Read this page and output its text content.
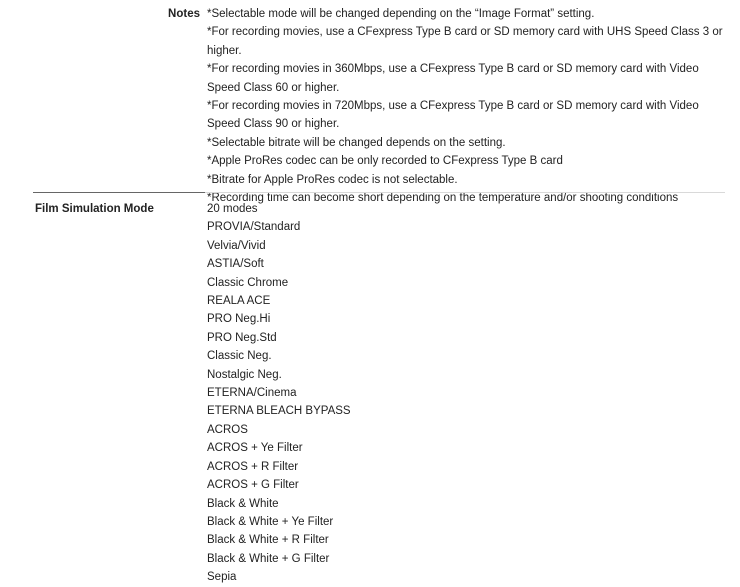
Notes *Selectable mode will be changed depending on the “Image Format” setting.
*For recording movies, use a CFexpress Type B card or SD memory card with UHS Speed Class 3 or higher.
*For recording movies in 360Mbps, use a CFexpress Type B card or SD memory card with Video Speed Class 60 or higher.
*For recording movies in 720Mbps, use a CFexpress Type B card or SD memory card with Video Speed Class 90 or higher.
*Selectable bitrate will be changed depends on the setting.
*Apple ProRes codec can be only recorded to CFexpress Type B card
*Bitrate for Apple ProRes codec is not selectable.
*Recording time can become short depending on the temperature and/or shooting conditions
Film Simulation Mode	20 modes
PROVIA/Standard
Velvia/Vivid
ASTIA/Soft
Classic Chrome
REALA ACE
PRO Neg.Hi
PRO Neg.Std
Classic Neg.
Nostalgic Neg.
ETERNA/Cinema
ETERNA BLEACH BYPASS
ACROS
ACROS + Ye Filter
ACROS + R Filter
ACROS + G Filter
Black & White
Black & White + Ye Filter
Black & White + R Filter
Black & White + G Filter
Sepia
